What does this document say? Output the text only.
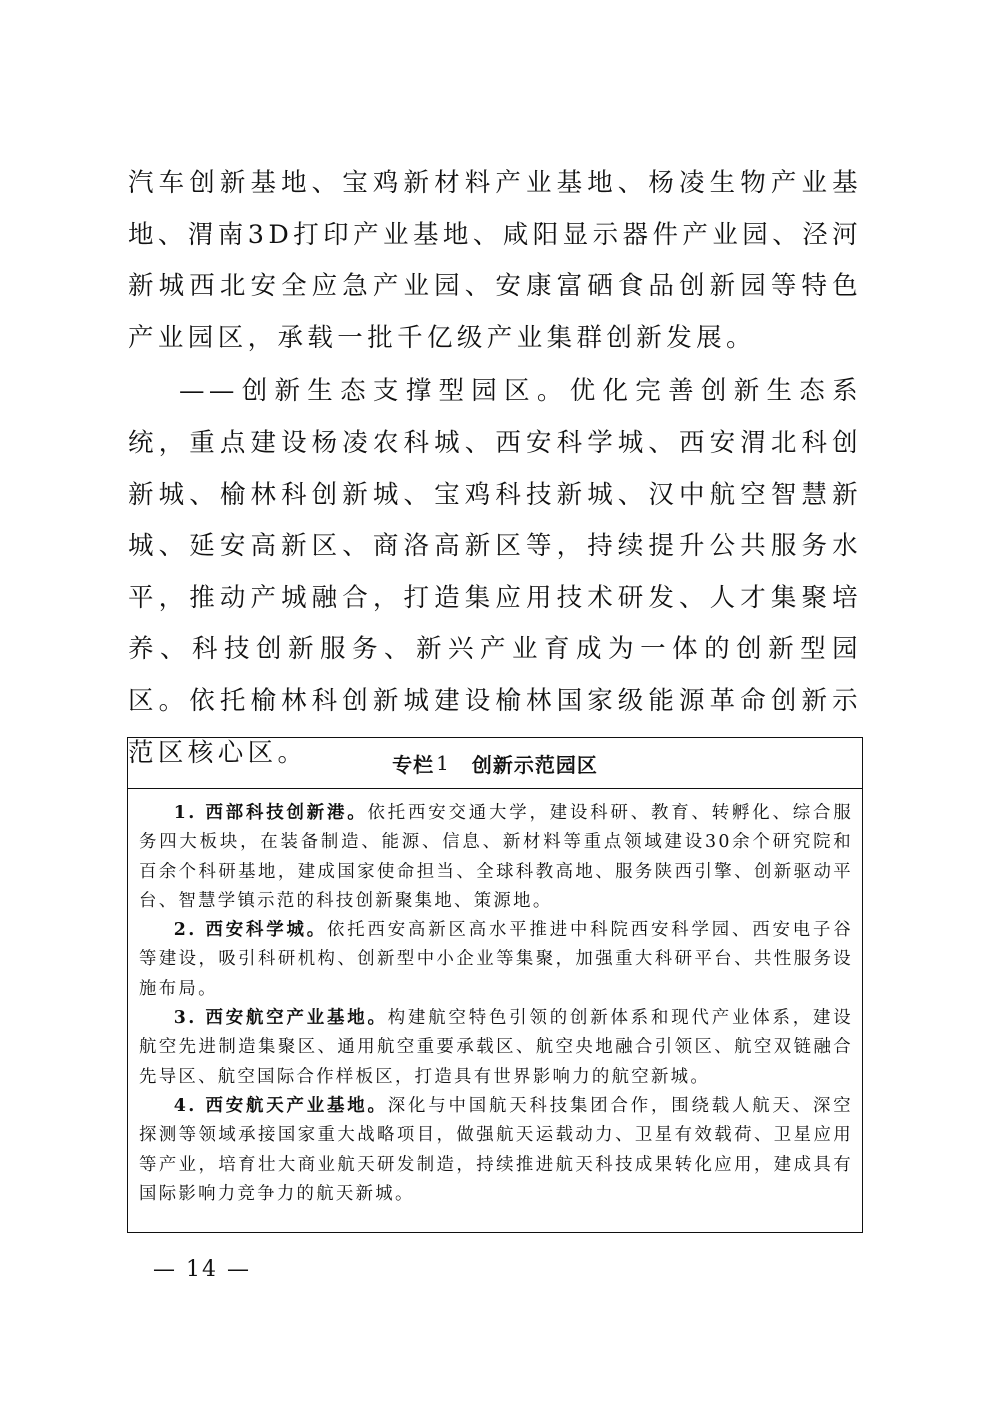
汽车创新基地、宝鸡新材料产业基地、杨凌生物产业基地、渭南3D打印产业基地、咸阳显示器件产业园、泾河新城西北安全应急产业园、安康富硒食品创新园等特色产业园区，承载一批千亿级产业集群创新发展。

——创新生态支撑型园区。优化完善创新生态系统，重点建设杨凌农科城、西安科学城、西安渭北科创新城、榆林科创新城、宝鸡科技新城、汉中航空智慧新城、延安高新区、商洛高新区等，持续提升公共服务水平，推动产城融合，打造集应用技术研发、人才集聚培养、科技创新服务、新兴产业育成为一体的创新型园区。依托榆林科创新城建设榆林国家级能源革命创新示范区核心区。	专栏 1 创新示范园区

1. 西部科技创新港。依托西安交通大学，建设科研、教育、转孵化、综合服务四大板块，在装备制造、能源、信息、新材料等重点领域建设30余个研究院和百余个科研基地，建成国家使命担当、全球科教高地、服务陕西引擎、创新驱动平台、智慧学镇示范的科技创新聚集地、策源地。

2. 西安科学城。依托西安高新区高水平推进中科院西安科学园、西安电子谷等建设，吸引科研机构、创新型中小企业等集聚，加强重大科研平台、共性服务设施布局。

3. 西安航空产业基地。构建航空特色引领的创新体系和现代产业体系，建设航空先进制造集聚区、通用航空重要承载区、航空央地融合引领区、航空双链融合先导区、航空国际合作样板区，打造具有世界影响力的航空新城。

4. 西安航天产业基地。深化与中国航天科技集团合作，围绕载人航天、深空探测等领域承接国家重大战略项目，做强航天运载动力、卫星有效载荷、卫星应用等产业，培育壮大商业航天研发制造，持续推进航天科技成果转化应用，建成具有国际影响力竞争力的航天新城。

— 14 —
